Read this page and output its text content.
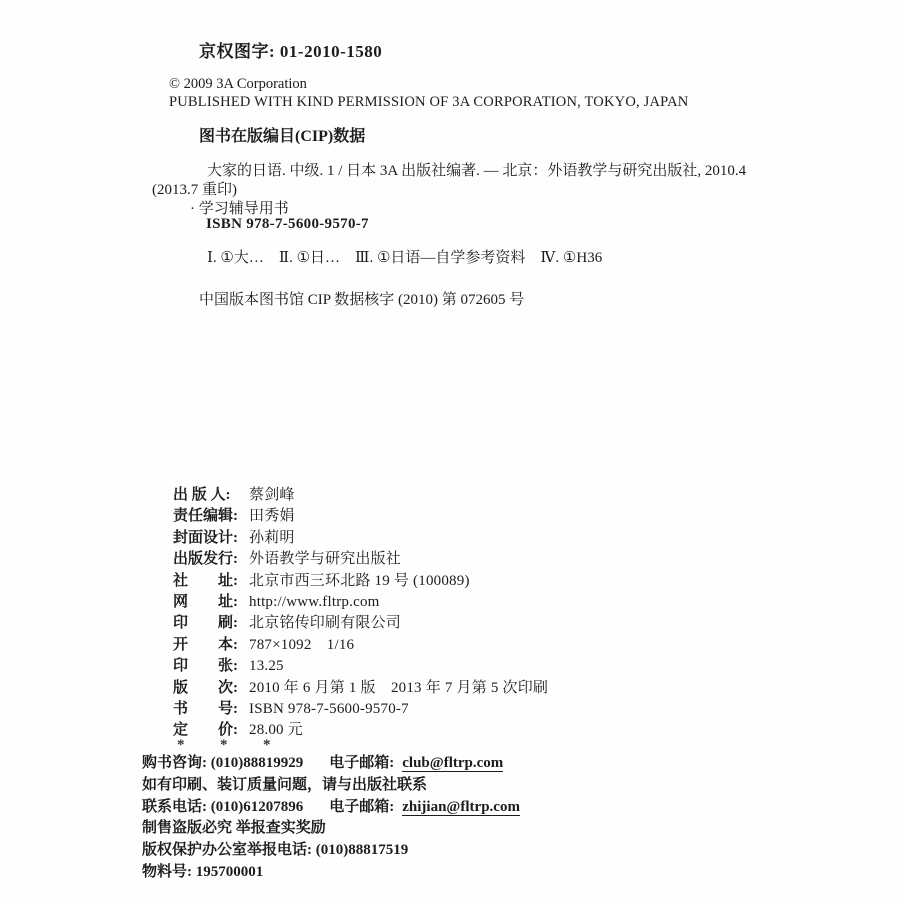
京权图字: 01-2010-1580
© 2009 3A Corporation
PUBLISHED WITH KIND PERMISSION OF 3A CORPORATION, TOKYO, JAPAN
图书在版编目(CIP)数据
大家的日语. 中级. 1 / 日本 3A 出版社编著. — 北京：外语教学与研究出版社, 2010.4
(2013.7 重印)
· 学习辅导用书
ISBN 978-7-5600-9570-7
Ⅰ. ①大…　Ⅱ. ①日…　Ⅲ. ①日语—自学参考资料　Ⅳ. ①H36
中国版本图书馆 CIP 数据核字 (2010) 第 072605 号
出 版 人: 蔡剑峰
责任编辑: 田秀娟
封面设计: 孙莉明
出版发行: 外语教学与研究出版社
社　　址: 北京市西三环北路 19 号 (100089)
网　　址: http://www.fltrp.com
印　　刷: 北京铭传印刷有限公司
开　　本: 787×1092　1/16
印　　张: 13.25
版　　次: 2010 年 6 月第 1 版　2013 年 7 月第 5 次印刷
书　　号: ISBN 978-7-5600-9570-7
定　　价: 28.00 元
* * *
购书咨询: (010)88819929 电子邮箱: club@fltrp.com
如有印刷、装订质量问题，请与出版社联系
联系电话: (010)61207896 电子邮箱: zhijian@fltrp.com
制售盗版必究 举报查实奖励
版权保护办公室举报电话: (010)88817519
物料号: 195700001
